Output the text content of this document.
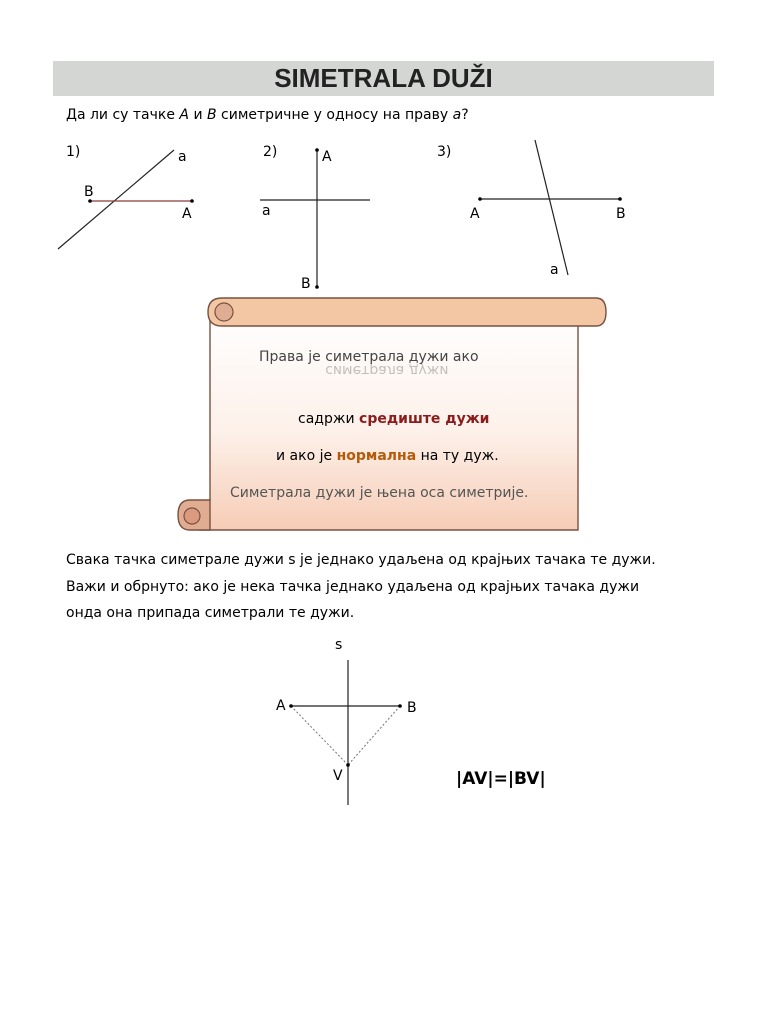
SIMETRALA DUŽI
Да ли су тачке A и B симетричне у односу на праву a?
1)	a
B
A
2)	A
a
B
3)
A	B
a
Права је симетрала дужи
симетрала дужи
ако
садржи средиште дужи
и ако је нормална на ту дуж.
Симетрала дужи је њена оса симетрије.
Свака тачка симетрале дужи s је једнако удаљена од крајњих тачака те дужи.
Важи и обрнуто: ако је нека тачка једнако удаљена од крајњих тачака дужи
онда она припада симетрали те дужи.
s
A	B
V	|AV|=|BV|
